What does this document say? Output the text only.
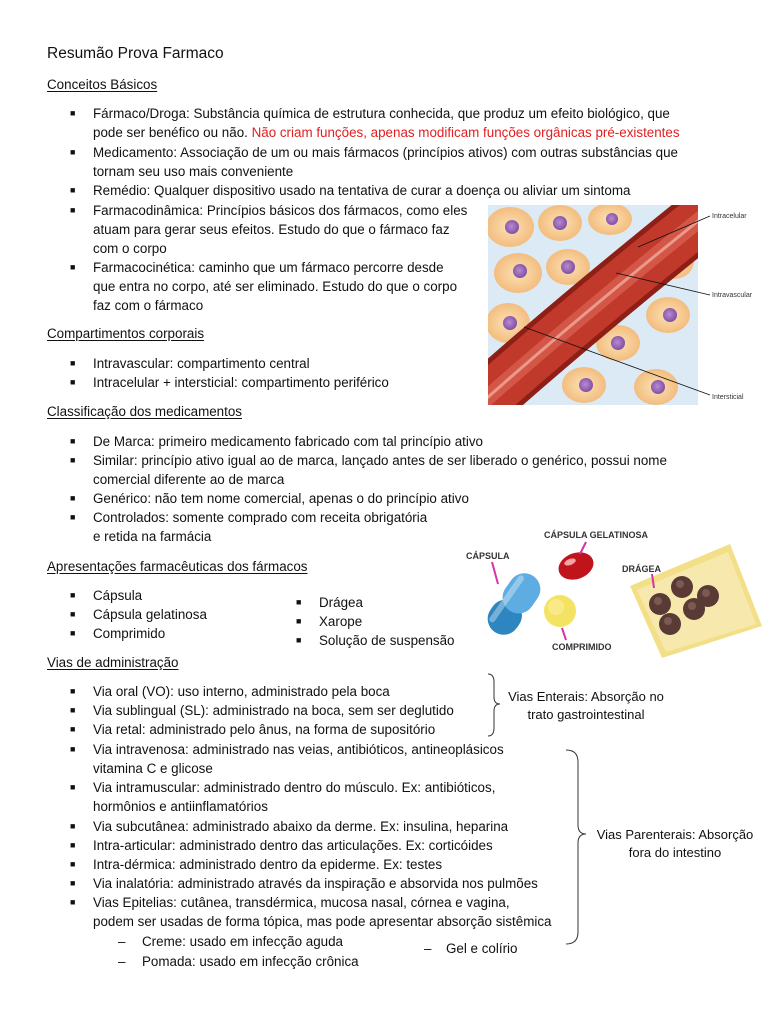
Resumão Prova Farmaco
Conceitos Básicos
■ Fármaco/Droga: Substância química de estrutura conhecida, que produz um efeito biológico, que
pode ser benéfico ou não. Não criam funções, apenas modificam funções orgânicas pré-existentes
■ Medicamento: Associação de um ou mais fármacos (princípios ativos) com outras substâncias que
tornam seu uso mais conveniente
■ Remédio: Qualquer dispositivo usado na tentativa de curar a doença ou aliviar um sintoma
■ Farmacodinâmica: Princípios básicos dos fármacos, como eles
atuam para gerar seus efeitos. Estudo do que o fármaco faz
com o corpo
■ Farmacocinética: caminho que um fármaco percorre desde
que entra no corpo, até ser eliminado. Estudo do que o corpo
faz com o fármaco
Intracelular
Intravascular
Intersticial
Compartimentos corporais
■ Intravascular: compartimento central
■ Intracelular + intersticial: compartimento periférico
Classificação dos medicamentos
■ De Marca: primeiro medicamento fabricado com tal princípio ativo
■ Similar: princípio ativo igual ao de marca, lançado antes de ser liberado o genérico, possui nome
comercial diferente ao de marca
■ Genérico: não tem nome comercial, apenas o do princípio ativo
■ Controlados: somente comprado com receita obrigatória
e retida na farmácia
CÁPSULA
CÁPSULA GELATINOSA
DRÁGEA
COMPRIMIDO
Apresentações farmacêuticas dos fármacos
■ Cápsula
■ Cápsula gelatinosa
■ Comprimido
■ Drágea
■ Xarope
■ Solução de suspensão
Vias de administração
■ Via oral (VO): uso interno, administrado pela boca
■ Via sublingual (SL): administrado na boca, sem ser deglutido
■ Via retal: administrado pelo ânus, na forma de supositório
■ Via intravenosa: administrado nas veias, antibióticos, antineoplásicos
vitamina C e glicose
■ Via intramuscular: administrado dentro do músculo. Ex: antibióticos,
hormônios e antiinflamatórios
■ Via subcutânea: administrado abaixo da derme. Ex: insulina, heparina
■ Intra-articular: administrado dentro das articulações. Ex: corticóides
■ Intra-dérmica: administrado dentro da epiderme. Ex: testes
■ Via inalatória: administrado através da inspiração e absorvida nos pulmões
■ Vias Epitelias: cutânea, transdérmica, mucosa nasal, córnea e vagina,
podem ser usadas de forma tópica, mas pode apresentar absorção sistêmica
– Creme: usado em infecção aguda
– Pomada: usado em infecção crônica
– Gel e colírio
Vias Enterais: Absorção no
trato gastrointestinal
Vias Parenterais: Absorção
fora do intestino
